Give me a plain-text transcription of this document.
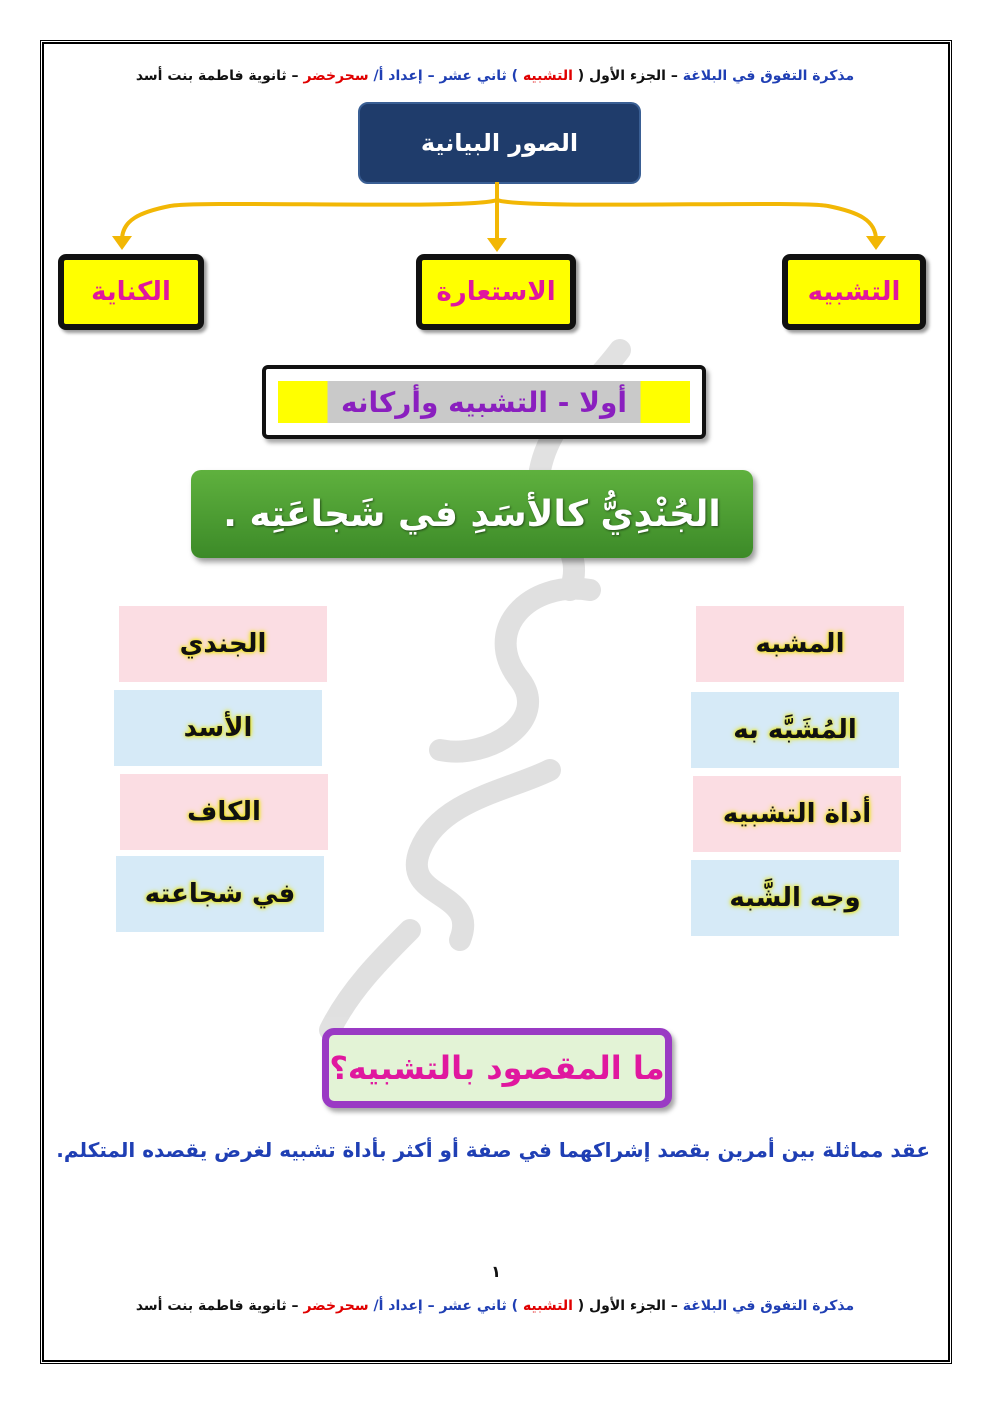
مذكرة التفوق في البلاغة – الجزء الأول ( التشبيه ) ثاني عشر – إعداد أ/ سحرخضر – ثانوية فاطمة بنت أسد
الصور البيانية
التشبيه
الاستعارة
الكناية
أولا - التشبيه وأركانه
الجُنْدِيُّ كالأسَدِ في شَجاعَتِه .
المشبه
الجندي
المُشَبَّه به
الأسد
أداة التشبيه
الكاف
وجه الشَّبه
في شجاعته
ما المقصود بالتشبيه؟
عقد مماثلة بين أمرين بقصد إشراكهما في صفة أو أكثر بأداة تشبيه لغرض يقصده المتكلم.
١
مذكرة التفوق في البلاغة – الجزء الأول ( التشبيه ) ثاني عشر – إعداد أ/ سحرخضر – ثانوية فاطمة بنت أسد
